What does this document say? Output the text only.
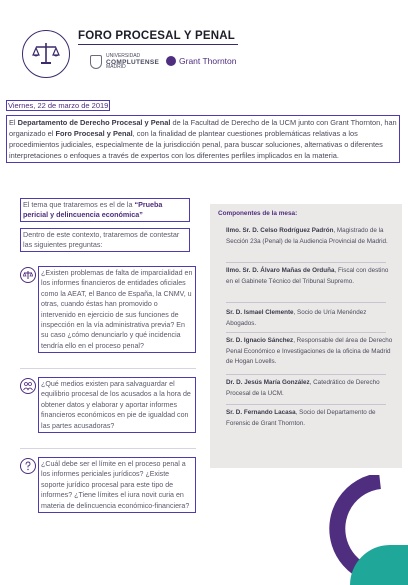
FORO PROCESAL Y PENAL
UNIVERSIDAD
COMPLUTENSE
MADRID
Grant Thornton
Viernes, 22 de marzo de 2019
El Departamento de Derecho Procesal y Penal de la Facultad de Derecho de la UCM junto con Grant Thornton, han organizado el Foro Procesal y Penal, con la finalidad de plantear cuestiones problemáticas relativas a los procedimientos judiciales, especialmente de la jurisdicción penal, para buscar soluciones, alternativas o diferentes interpretaciones o enfoques a través de expertos con los diferentes perfiles implicados en la materia.
El tema que trataremos es el de la “Prueba pericial y delincuencia económica”
Dentro de este contexto, trataremos de contestar las siguientes preguntas:
¿Existen problemas de falta de imparcialidad en los informes financieros de entidades oficiales como la AEAT, el Banco de España, la CNMV, u otras, cuando éstas han promovido o intervenido en ejercicio de sus funciones de inspección en la vía administrativa previa? En su caso ¿cómo denunciarlo y qué incidencia tendría ello en el proceso penal?
¿Qué medios existen para salvaguardar el equilibrio procesal de los acusados a la hora de obtener datos y elaborar y aportar informes financieros económicos en pie de igualdad con las partes acusadoras?
¿Cuál debe ser el límite en el proceso penal a los informes periciales jurídicos? ¿Existe soporte jurídico procesal para este tipo de informes? ¿Tiene límites el iura novit curia en materia de delincuencia económico-financiera?
Componentes de la mesa:
Ilmo. Sr. D. Celso Rodríguez Padrón, Magistrado de la Sección 23a (Penal) de la Audiencia Provincial de Madrid.
Ilmo. Sr. D. Álvaro Mañas de Orduña, Fiscal con destino en el Gabinete Técnico del Tribunal Supremo.
Sr. D. Ismael Clemente, Socio de Uría Menéndez Abogados.
Sr. D. Ignacio Sánchez, Responsable del área de Derecho Penal Económico e Investigaciones de la oficina de Madrid de Hogan Lovells.
Dr. D. Jesús María González, Catedrático de Derecho Procesal de la UCM.
Sr. D. Fernando Lacasa, Socio del Departamento de Forensic de Grant Thornton.
